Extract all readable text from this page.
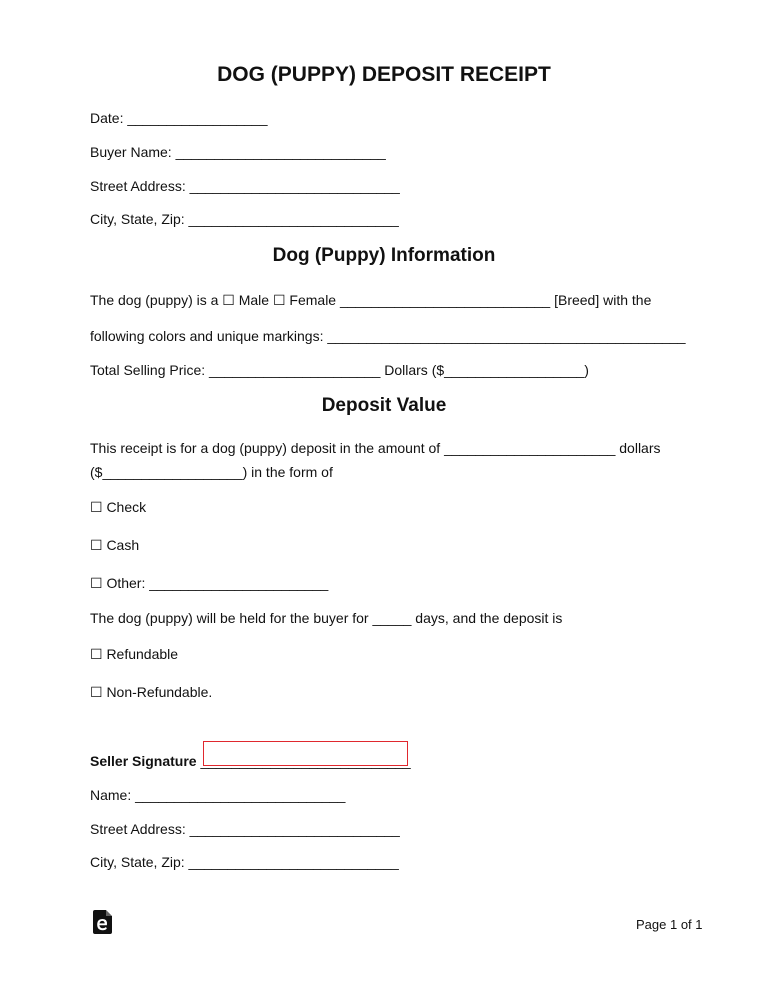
DOG (PUPPY) DEPOSIT RECEIPT
Date: __________________
Buyer Name: ___________________________
Street Address: ___________________________
City, State, Zip: ___________________________
Dog (Puppy) Information
The dog (puppy) is a ☐ Male ☐ Female ___________________________ [Breed] with the
following colors and unique markings: ______________________________________________
Total Selling Price: ______________________ Dollars ($__________________)
Deposit Value
This receipt is for a dog (puppy) deposit in the amount of ______________________ dollars
($__________________) in the form of
☐ Check
☐ Cash
☐ Other: _______________________
The dog (puppy) will be held for the buyer for _____ days, and the deposit is
☐ Refundable
☐ Non-Refundable.
Seller Signature ___________________________
Name: ___________________________
Street Address: ___________________________
City, State, Zip: ___________________________
Page 1 of 1
